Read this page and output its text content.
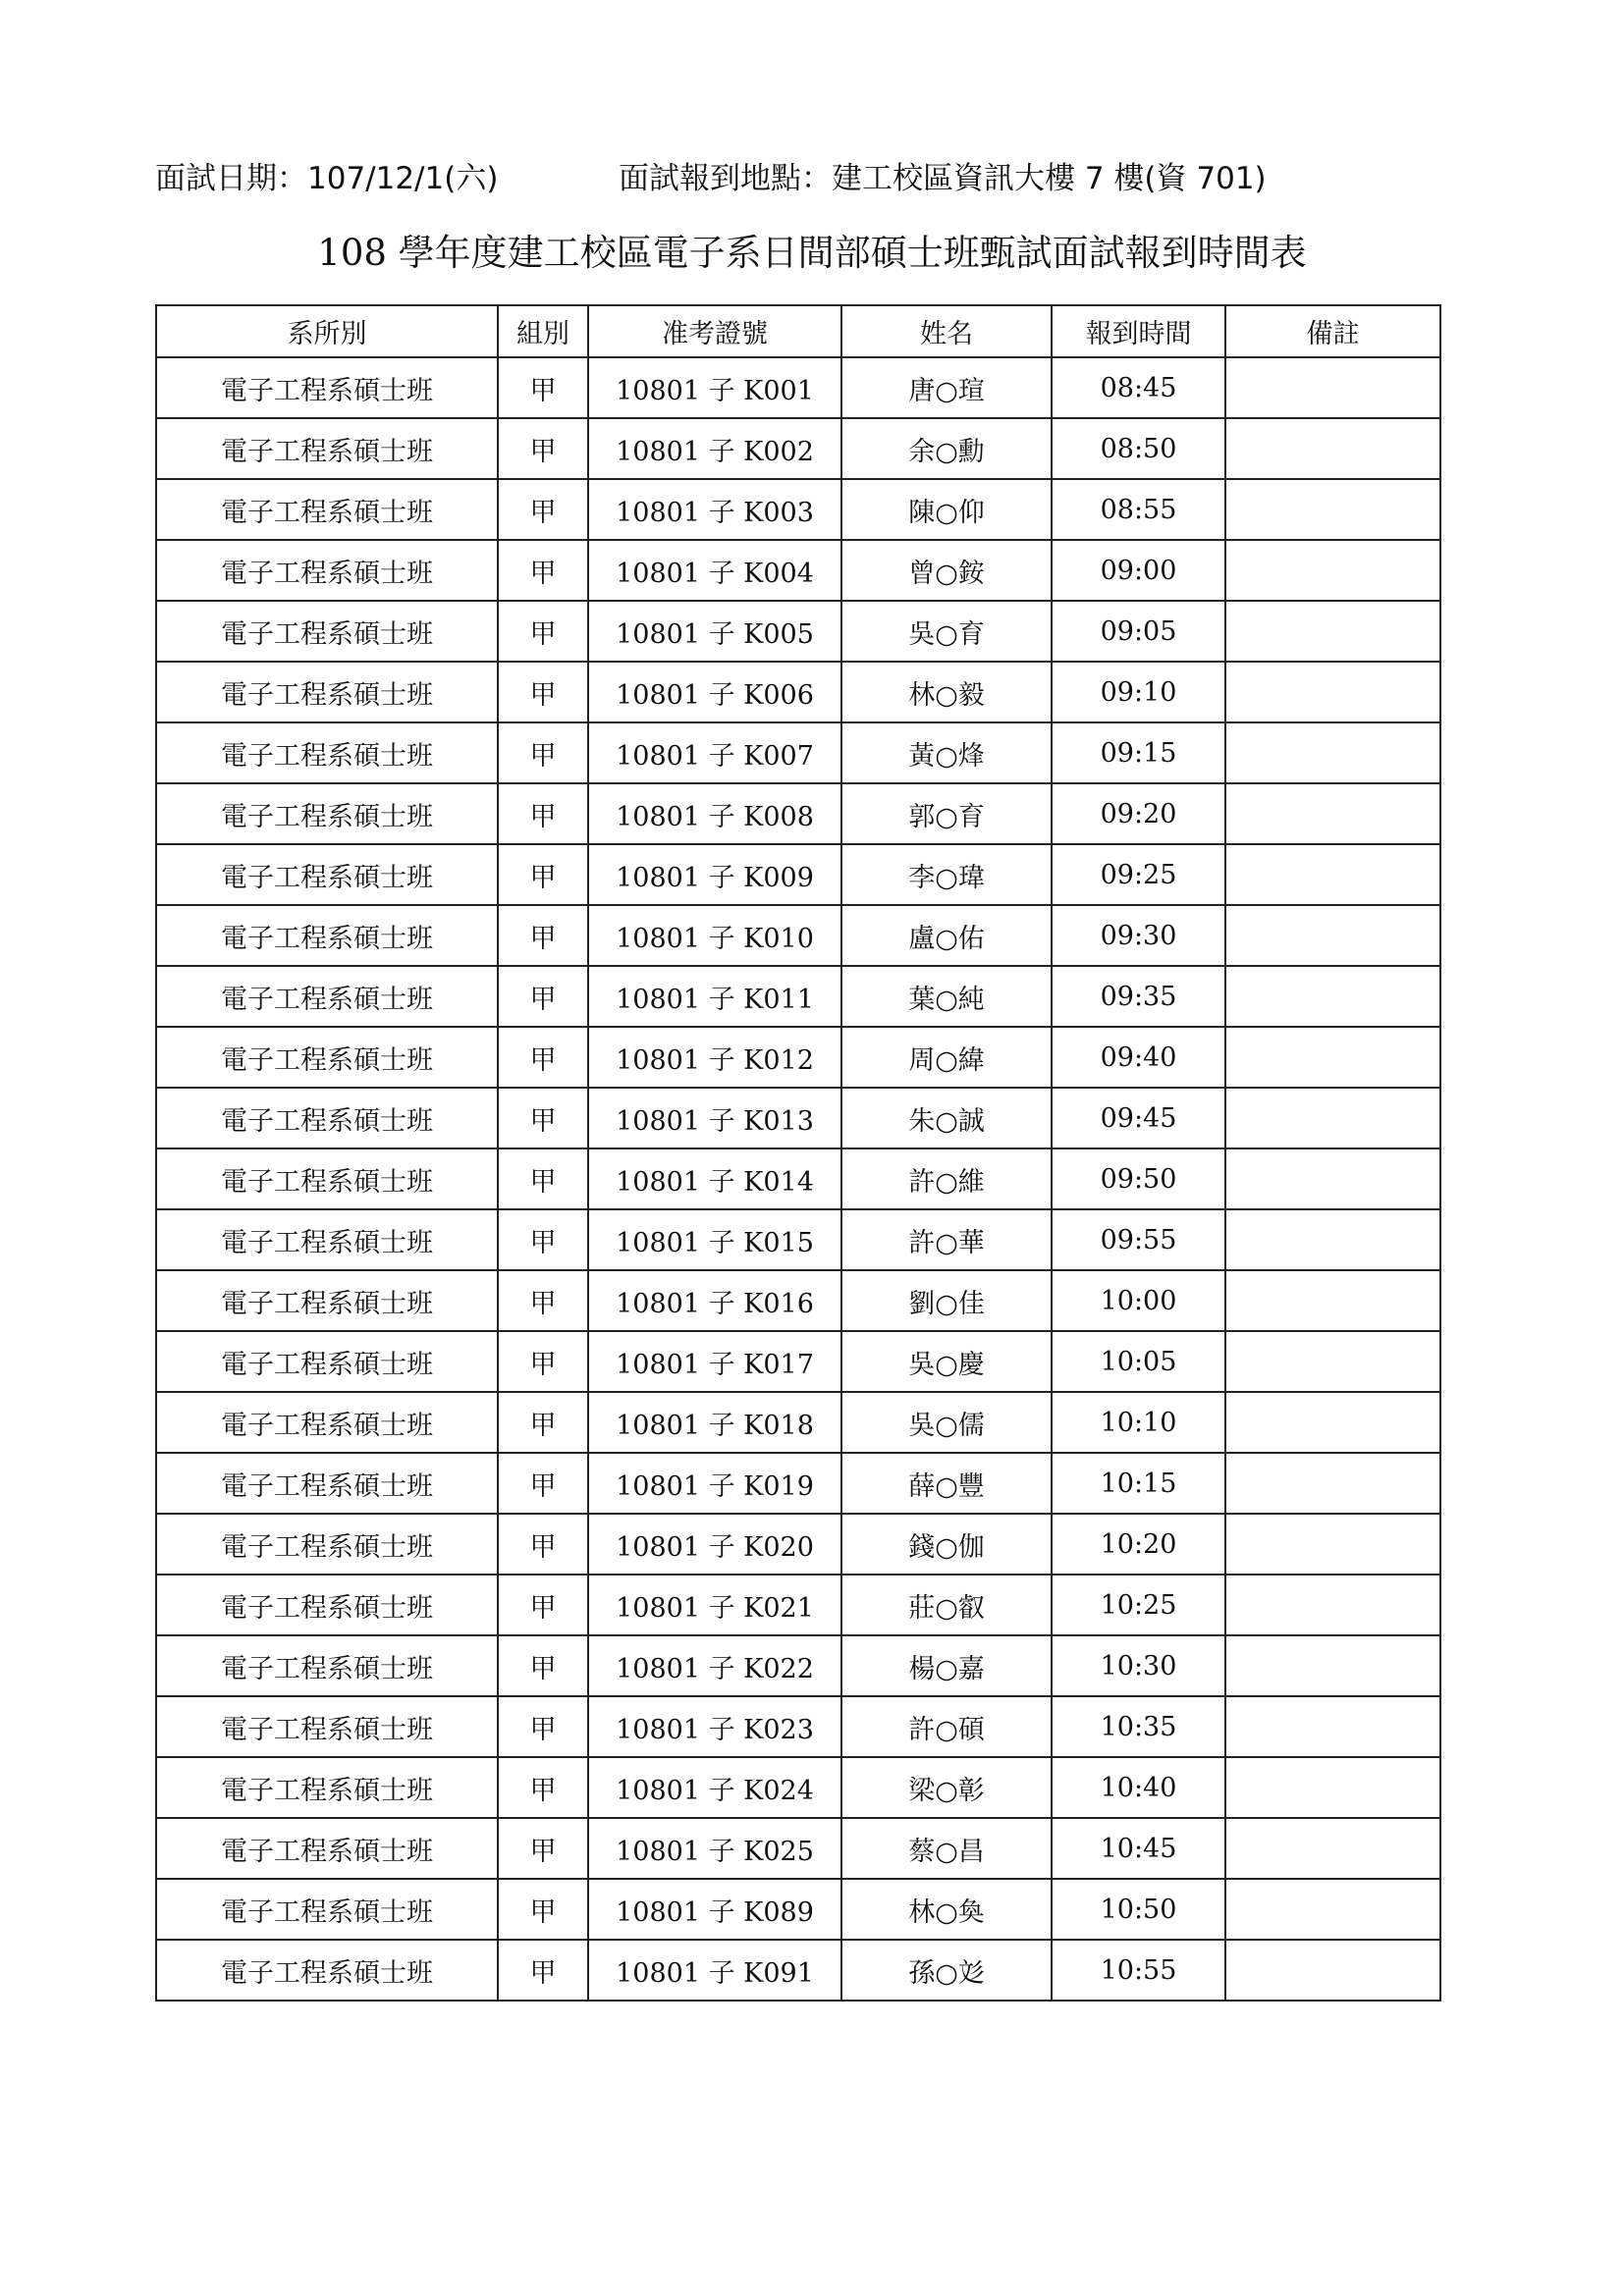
面試日期：107/12/1(六)	面試報到地點：建工校區資訊大樓 7 樓(資 701)
108 學年度建工校區電子系日間部碩士班甄試面試報到時間表
系所別	組別	准考證號	姓名	報到時間	備註
電子工程系碩士班	甲	10801 子 K001	唐○瑄	08:45	
電子工程系碩士班	甲	10801 子 K002	余○勳	08:50	
電子工程系碩士班	甲	10801 子 K003	陳○仰	08:55	
電子工程系碩士班	甲	10801 子 K004	曾○銨	09:00	
電子工程系碩士班	甲	10801 子 K005	吳○育	09:05	
電子工程系碩士班	甲	10801 子 K006	林○毅	09:10	
電子工程系碩士班	甲	10801 子 K007	黃○烽	09:15	
電子工程系碩士班	甲	10801 子 K008	郭○育	09:20	
電子工程系碩士班	甲	10801 子 K009	李○瑋	09:25	
電子工程系碩士班	甲	10801 子 K010	盧○佑	09:30	
電子工程系碩士班	甲	10801 子 K011	葉○純	09:35	
電子工程系碩士班	甲	10801 子 K012	周○緯	09:40	
電子工程系碩士班	甲	10801 子 K013	朱○誠	09:45	
電子工程系碩士班	甲	10801 子 K014	許○維	09:50	
電子工程系碩士班	甲	10801 子 K015	許○華	09:55	
電子工程系碩士班	甲	10801 子 K016	劉○佳	10:00	
電子工程系碩士班	甲	10801 子 K017	吳○慶	10:05	
電子工程系碩士班	甲	10801 子 K018	吳○儒	10:10	
電子工程系碩士班	甲	10801 子 K019	薛○豐	10:15	
電子工程系碩士班	甲	10801 子 K020	錢○伽	10:20	
電子工程系碩士班	甲	10801 子 K021	莊○叡	10:25	
電子工程系碩士班	甲	10801 子 K022	楊○嘉	10:30	
電子工程系碩士班	甲	10801 子 K023	許○碩	10:35	
電子工程系碩士班	甲	10801 子 K024	梁○彰	10:40	
電子工程系碩士班	甲	10801 子 K025	蔡○昌	10:45	
電子工程系碩士班	甲	10801 子 K089	林○奐	10:50	
電子工程系碩士班	甲	10801 子 K091	孫○彣	10:55	
